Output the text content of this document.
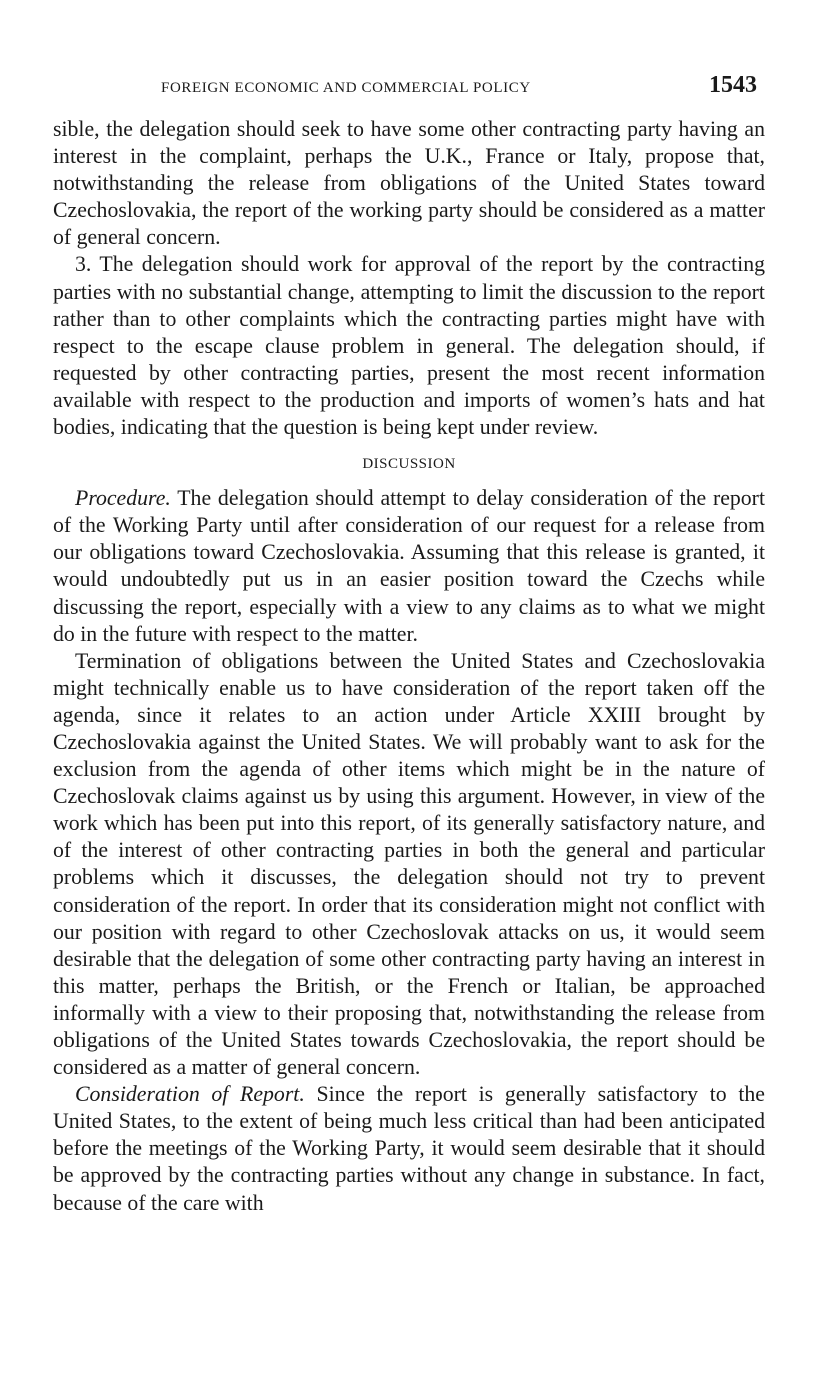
FOREIGN ECONOMIC AND COMMERCIAL POLICY	1543

sible, the delegation should seek to have some other contracting party having an interest in the complaint, perhaps the U.K., France or Italy, propose that, notwithstanding the release from obligations of the United States toward Czechoslovakia, the report of the working party should be considered as a matter of general concern.

3. The delegation should work for approval of the report by the contracting parties with no substantial change, attempting to limit the discussion to the report rather than to other complaints which the contracting parties might have with respect to the escape clause problem in general. The delegation should, if requested by other contracting parties, present the most recent information available with respect to the production and imports of women’s hats and hat bodies, indicating that the question is being kept under review.

DISCUSSION

Procedure. The delegation should attempt to delay consideration of the report of the Working Party until after consideration of our request for a release from our obligations toward Czechoslovakia. Assuming that this release is granted, it would undoubtedly put us in an easier position toward the Czechs while discussing the report, especially with a view to any claims as to what we might do in the future with respect to the matter.

Termination of obligations between the United States and Czechoslovakia might technically enable us to have consideration of the report taken off the agenda, since it relates to an action under Article XXIII brought by Czechoslovakia against the United States. We will probably want to ask for the exclusion from the agenda of other items which might be in the nature of Czechoslovak claims against us by using this argument. However, in view of the work which has been put into this report, of its generally satisfactory nature, and of the interest of other contracting parties in both the general and particular problems which it discusses, the delegation should not try to prevent consideration of the report. In order that its consideration might not conflict with our position with regard to other Czechoslovak attacks on us, it would seem desirable that the delegation of some other contracting party having an interest in this matter, perhaps the British, or the French or Italian, be approached informally with a view to their proposing that, notwithstanding the release from obligations of the United States towards Czechoslovakia, the report should be considered as a matter of general concern.

Consideration of Report. Since the report is generally satisfactory to the United States, to the extent of being much less critical than had been anticipated before the meetings of the Working Party, it would seem desirable that it should be approved by the contracting parties without any change in substance. In fact, because of the care with
